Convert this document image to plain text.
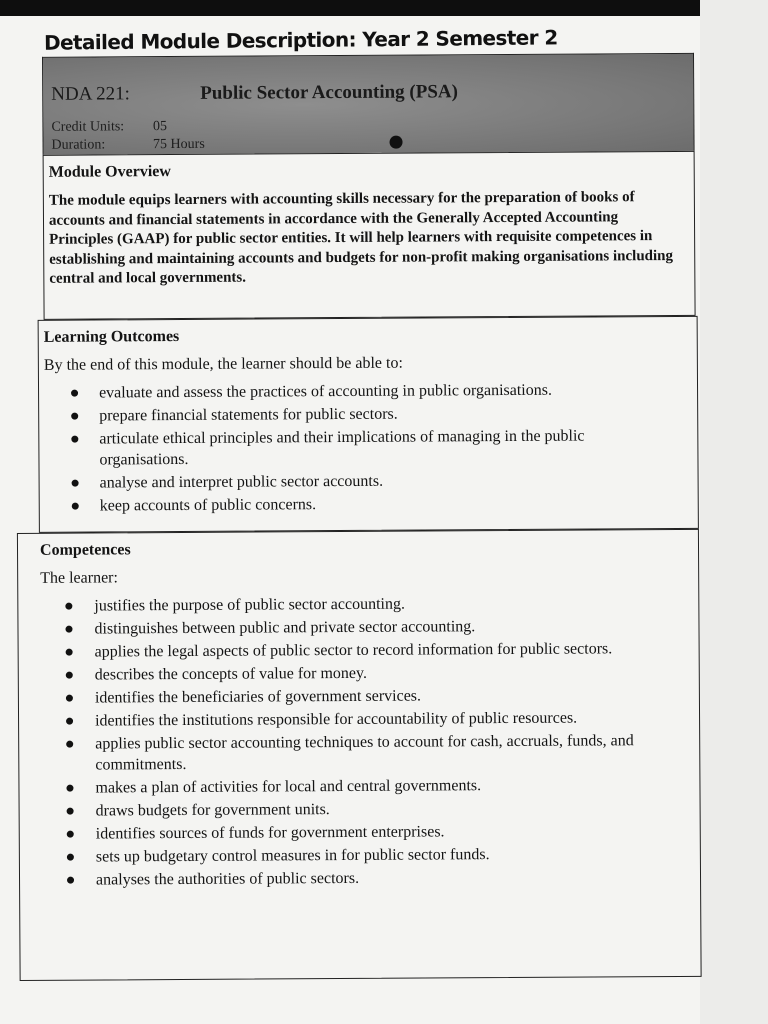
Detailed Module Description: Year 2 Semester 2
NDA 221:	Public Sector Accounting (PSA)
Credit Units: 05
Duration:	75 Hours
Module Overview

The module equips learners with accounting skills necessary for the preparation of books of accounts and financial statements in accordance with the Generally Accepted Accounting Principles (GAAP) for public sector entities. It will help learners with requisite competences in establishing and maintaining accounts and budgets for non-profit making organisations including central and local governments.

Learning Outcomes

By the end of this module, the learner should be able to:

evaluate and assess the practices of accounting in public organisations.
prepare financial statements for public sectors.
articulate ethical principles and their implications of managing in the public organisations.
analyse and interpret public sector accounts.
keep accounts of public concerns.
Competences

The learner:

justifies the purpose of public sector accounting.
distinguishes between public and private sector accounting.
applies the legal aspects of public sector to record information for public sectors.
describes the concepts of value for money.
identifies the beneficiaries of government services.
identifies the institutions responsible for accountability of public resources.
applies public sector accounting techniques to account for cash, accruals, funds, and commitments.
makes a plan of activities for local and central governments.
draws budgets for government units.
identifies sources of funds for government enterprises.
sets up budgetary control measures in for public sector funds.
analyses the authorities of public sectors.
